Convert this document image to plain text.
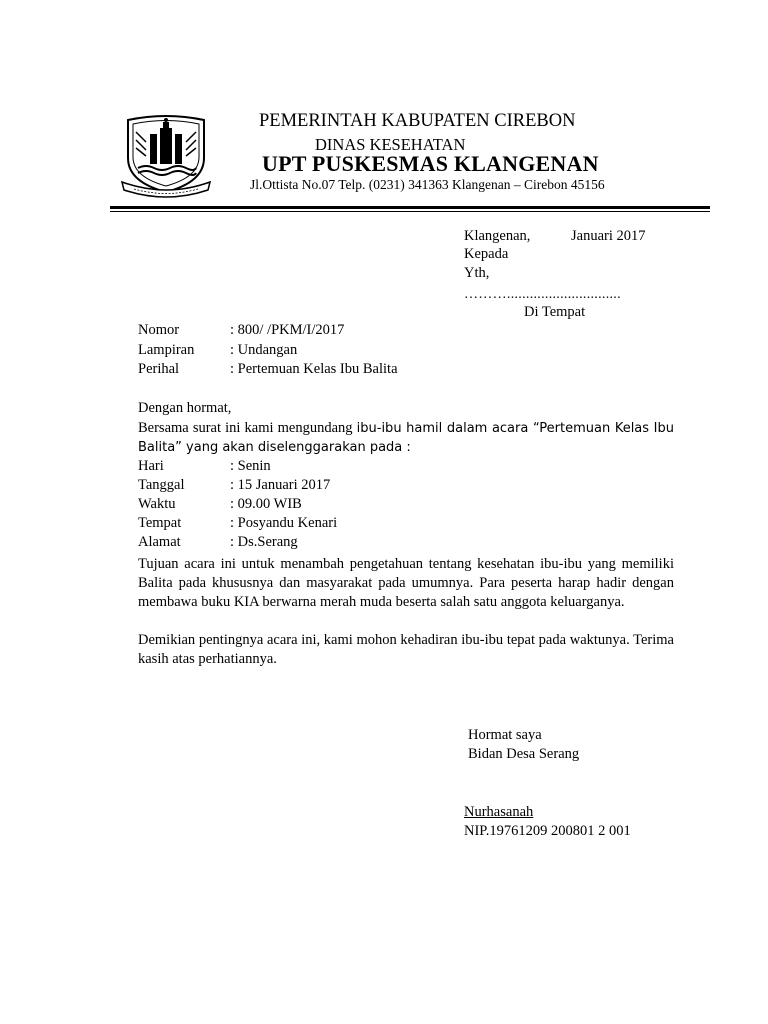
PEMERINTAH KABUPATEN CIREBON
DINAS KESEHATAN
UPT PUSKESMAS KLANGENAN
Jl.Ottista No.07 Telp. (0231) 341363 Klangenan – Cirebon 45156
Klangenan,	Januari 2017
Kepada
Yth,
………..............................
Di Tempat
Nomor	: 800/ /PKM/I/2017
Lampiran : Undangan
Perihal	: Pertemuan Kelas Ibu Balita
Dengan hormat,
Bersama surat ini kami mengundang ibu-ibu hamil dalam acara “Pertemuan Kelas Ibu Balita” yang akan diselenggarakan pada :
Hari	: Senin
Tanggal	: 15 Januari 2017
Waktu	: 09.00 WIB
Tempat	: Posyandu Kenari
Alamat	: Ds.Serang
Tujuan acara ini untuk menambah pengetahuan tentang kesehatan ibu-ibu yang memiliki Balita pada khususnya dan masyarakat pada umumnya. Para peserta harap hadir dengan membawa buku KIA berwarna merah muda beserta salah satu anggota keluarganya.
Demikian pentingnya acara ini, kami mohon kehadiran ibu-ibu tepat pada waktunya. Terima kasih atas perhatiannya.
Hormat saya
Bidan Desa Serang
Nurhasanah
NIP.19761209 200801 2 001
